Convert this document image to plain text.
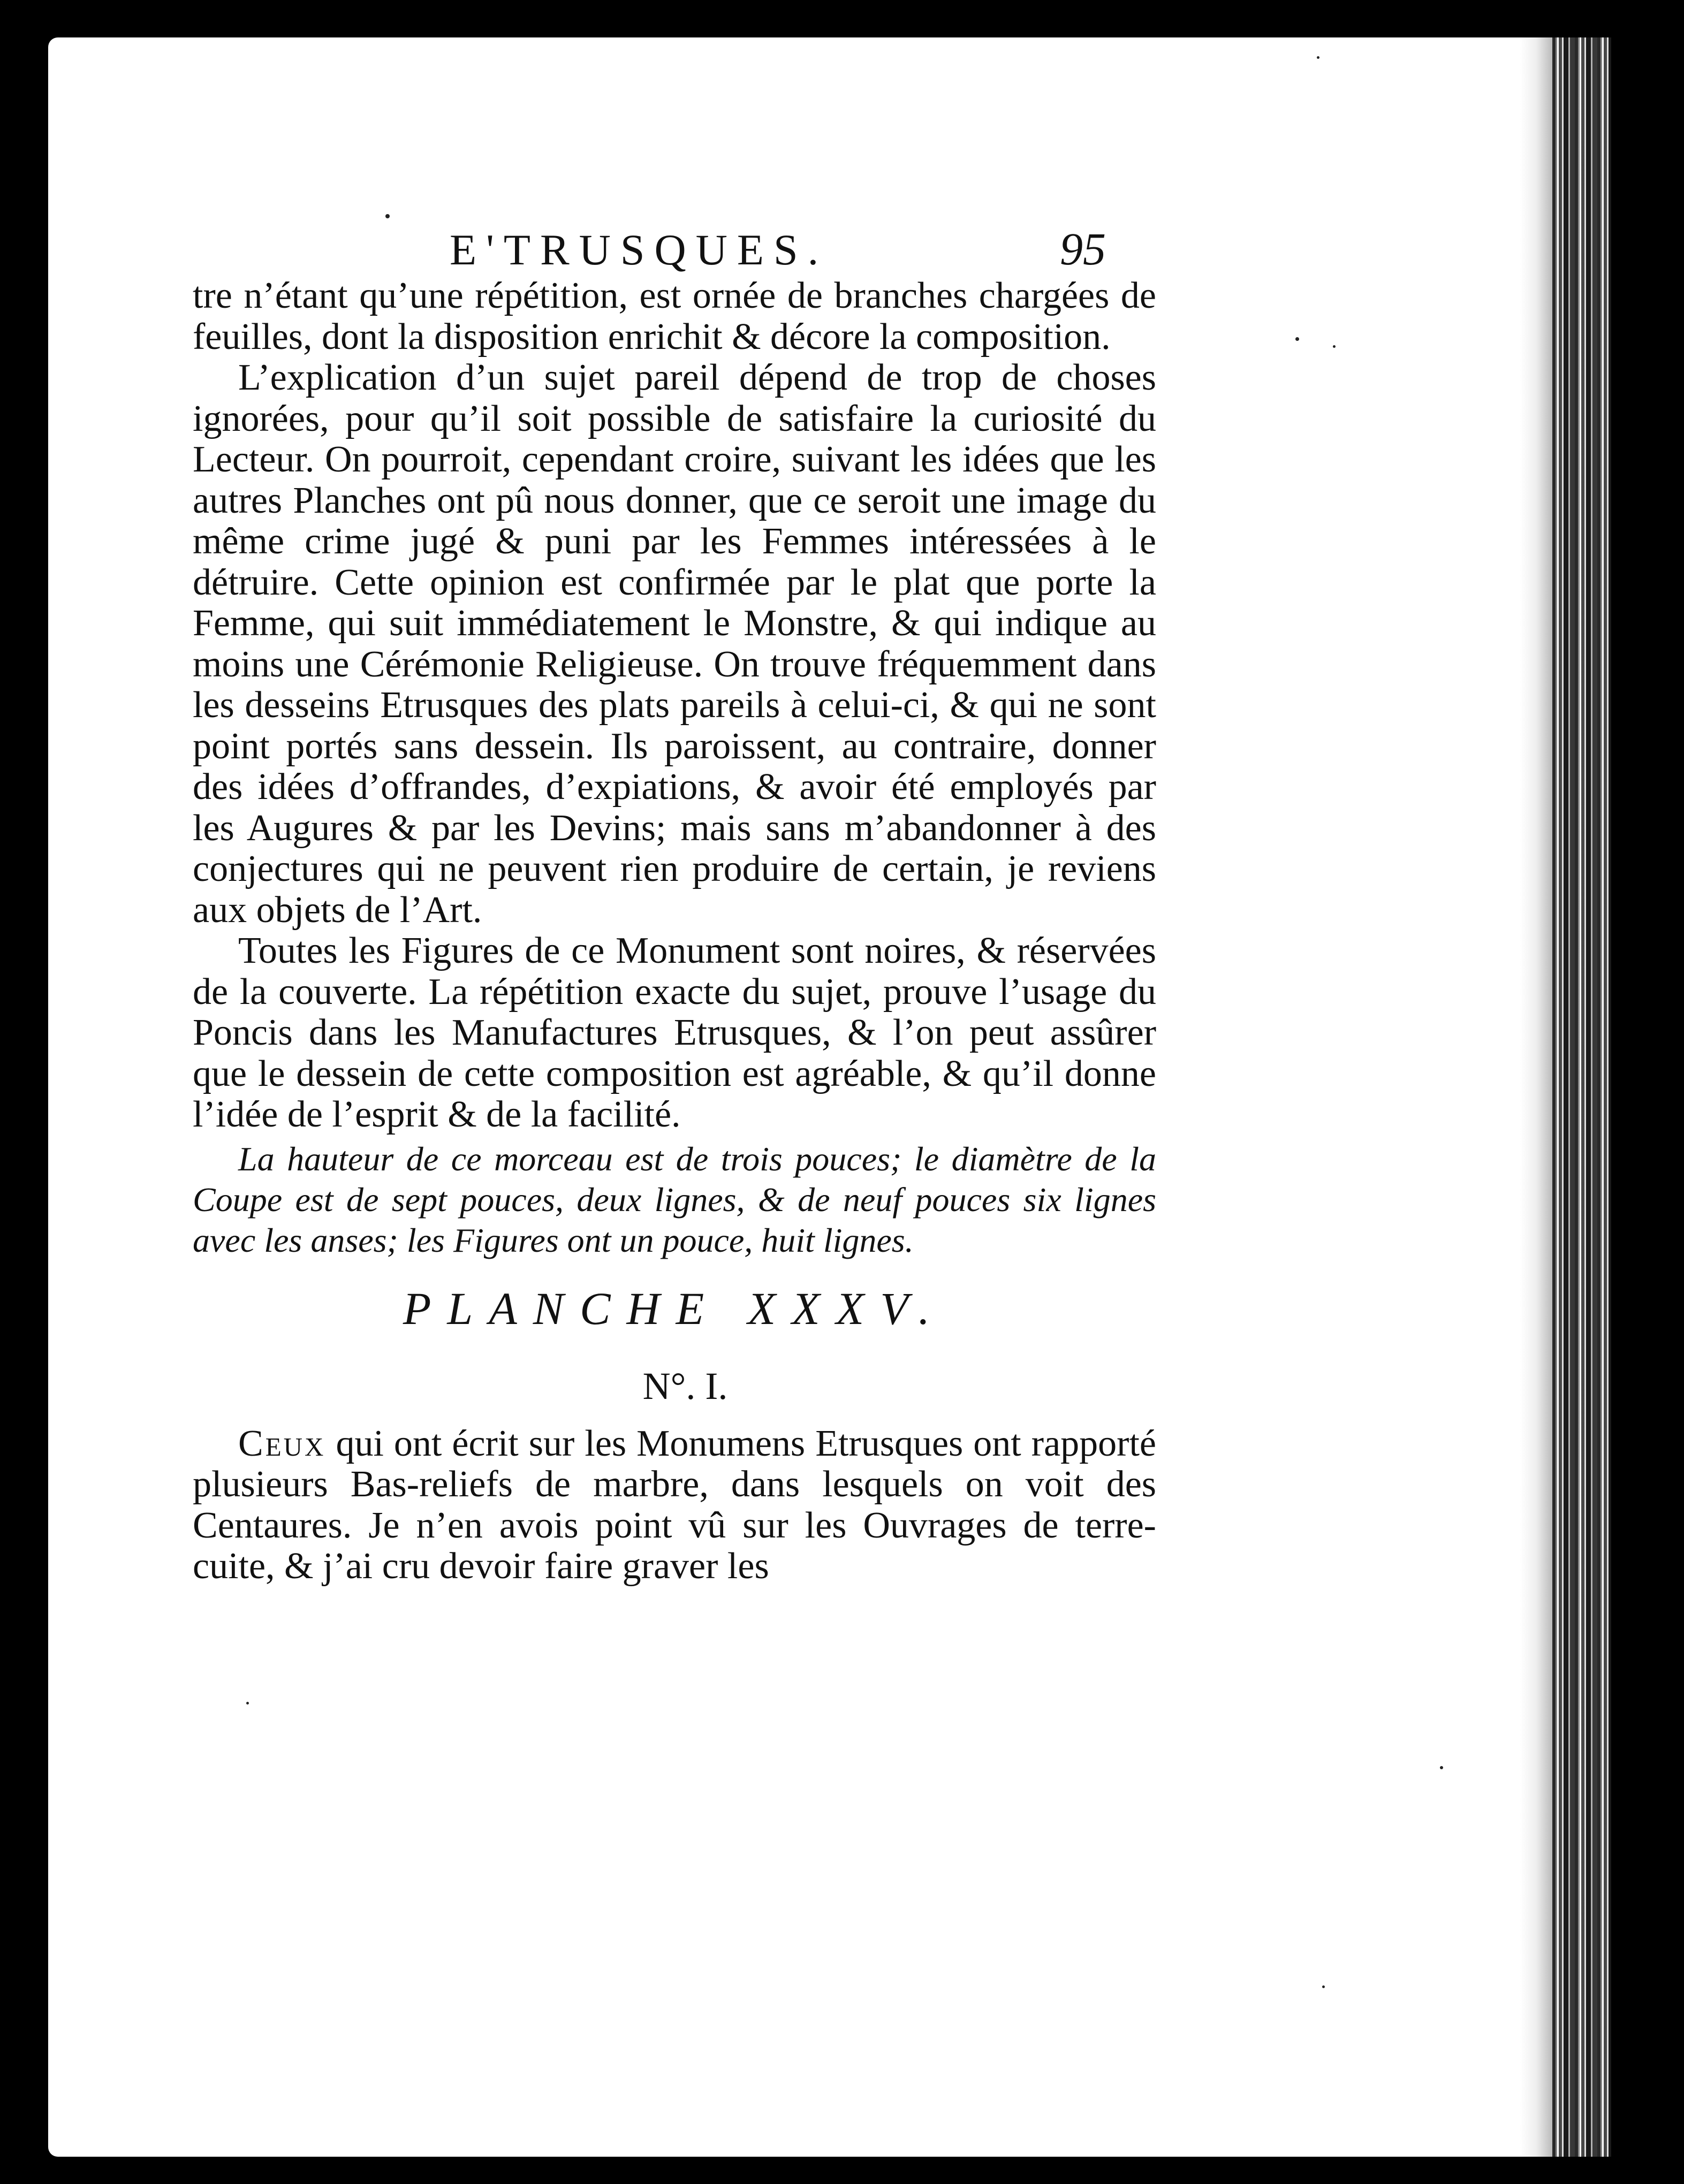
E'TRUSQUES.	95

tre n’étant qu’une répétition, est ornée de branches chargées de feuilles, dont la disposition enrichit & décore la composition.

L’explication d’un sujet pareil dépend de trop de choses ignorées, pour qu’il soit possible de satisfaire la curiosité du Lecteur. On pourroit, cependant croire, suivant les idées que les autres Planches ont pû nous donner, que ce seroit une image du même crime jugé & puni par les Femmes intéressées à le détruire. Cette opinion est confirmée par le plat que porte la Femme, qui suit immédiatement le Monstre, & qui indique au moins une Cérémonie Religieuse. On trouve fréquemment dans les desseins Etrusques des plats pareils à celui-ci, & qui ne sont point portés sans dessein. Ils paroissent, au contraire, donner des idées d’offrandes, d’expiations, & avoir été employés par les Augures & par les Devins; mais sans m’abandonner à des conjectures qui ne peuvent rien produire de certain, je reviens aux objets de l’Art.

Toutes les Figures de ce Monument sont noires, & réservées de la couverte. La répétition exacte du sujet, prouve l’usage du Poncis dans les Manufactures Etrusques, & l’on peut assûrer que le dessein de cette composition est agréable, & qu’il donne l’idée de l’esprit & de la facilité.

La hauteur de ce morceau est de trois pouces; le diamètre de la Coupe est de sept pouces, deux lignes, & de neuf pouces six lignes avec les anses; les Figures ont un pouce, huit lignes.

PLANCHE XXXV.

N°. I.

Ceux qui ont écrit sur les Monumens Etrusques ont rapporté plusieurs Bas-reliefs de marbre, dans lesquels on voit des Centaures. Je n’en avois point vû sur les Ouvrages de terre-cuite, & j’ai cru devoir faire graver les
